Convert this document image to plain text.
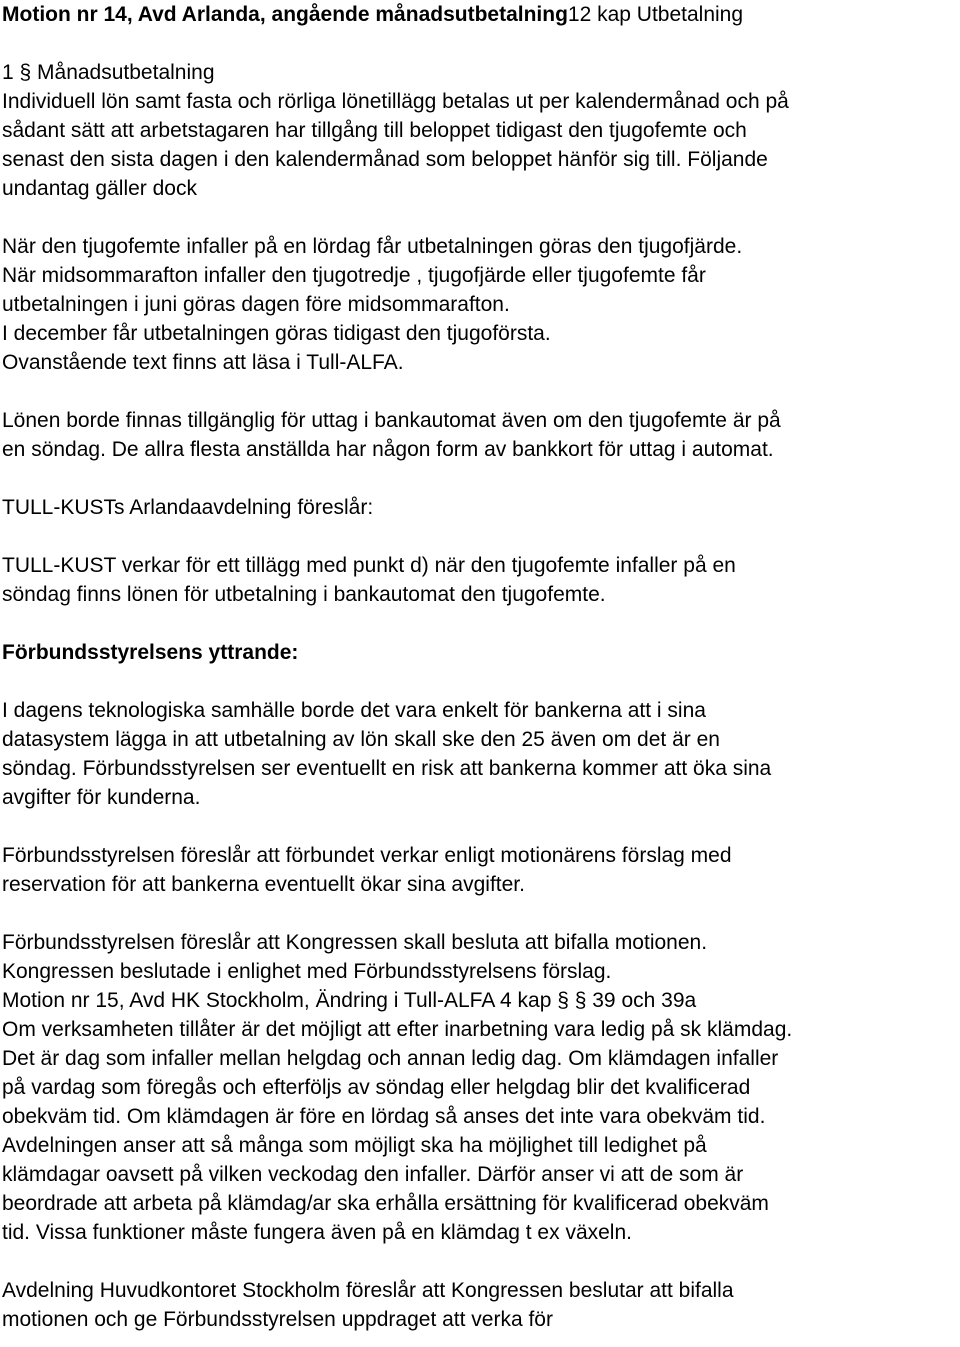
Motion nr 14, Avd Arlanda, angående månadsutbetalning12 kap Utbetalning
1 § Månadsutbetalning
Individuell lön samt fasta och rörliga lönetillägg betalas ut per kalendermånad och på
sådant sätt att arbetstagaren har tillgång till beloppet tidigast den tjugofemte och
senast den sista dagen i den kalendermånad som beloppet hänför sig till. Följande
undantag gäller dock
När den tjugofemte infaller på en lördag får utbetalningen göras den tjugofjärde.
När midsommarafton infaller den tjugotredje , tjugofjärde eller tjugofemte får
utbetalningen i juni göras dagen före midsommarafton.
I december får utbetalningen göras tidigast den tjugoförsta.
Ovanstående text finns att läsa i Tull-ALFA.
Lönen borde finnas tillgänglig för uttag i bankautomat även om den tjugofemte är på
en söndag. De allra flesta anställda har någon form av bankkort för uttag i automat.
TULL-KUSTs Arlandaavdelning föreslår:
TULL-KUST verkar för ett tillägg med punkt d) när den tjugofemte infaller på en
söndag finns lönen för utbetalning i bankautomat den tjugofemte.
Förbundsstyrelsens yttrande:
I dagens teknologiska samhälle borde det vara enkelt för bankerna att i sina
datasystem lägga in att utbetalning av lön skall ske den 25 även om det är en
söndag. Förbundsstyrelsen ser eventuellt en risk att bankerna kommer att öka sina
avgifter för kunderna.
Förbundsstyrelsen föreslår att förbundet verkar enligt motionärens förslag med
reservation för att bankerna eventuellt ökar sina avgifter.
Förbundsstyrelsen föreslår att Kongressen skall besluta att bifalla motionen.
Kongressen beslutade i enlighet med Förbundsstyrelsens förslag.
Motion nr 15, Avd HK Stockholm, Ändring i Tull-ALFA 4 kap § § 39 och 39a
Om verksamheten tillåter är det möjligt att efter inarbetning vara ledig på sk klämdag.
Det är dag som infaller mellan helgdag och annan ledig dag. Om klämdagen infaller
på vardag som föregås och efterföljs av söndag eller helgdag blir det kvalificerad
obekväm tid. Om klämdagen är före en lördag så anses det inte vara obekväm tid.
Avdelningen anser att så många som möjligt ska ha möjlighet till ledighet på
klämdagar oavsett på vilken veckodag den infaller. Därför anser vi att de som är
beordrade att arbeta på klämdag/ar ska erhålla ersättning för kvalificerad obekväm
tid. Vissa funktioner måste fungera även på en klämdag t ex växeln.
Avdelning Huvudkontoret Stockholm föreslår att Kongressen beslutar att bifalla
motionen och ge Förbundsstyrelsen uppdraget att verka för
